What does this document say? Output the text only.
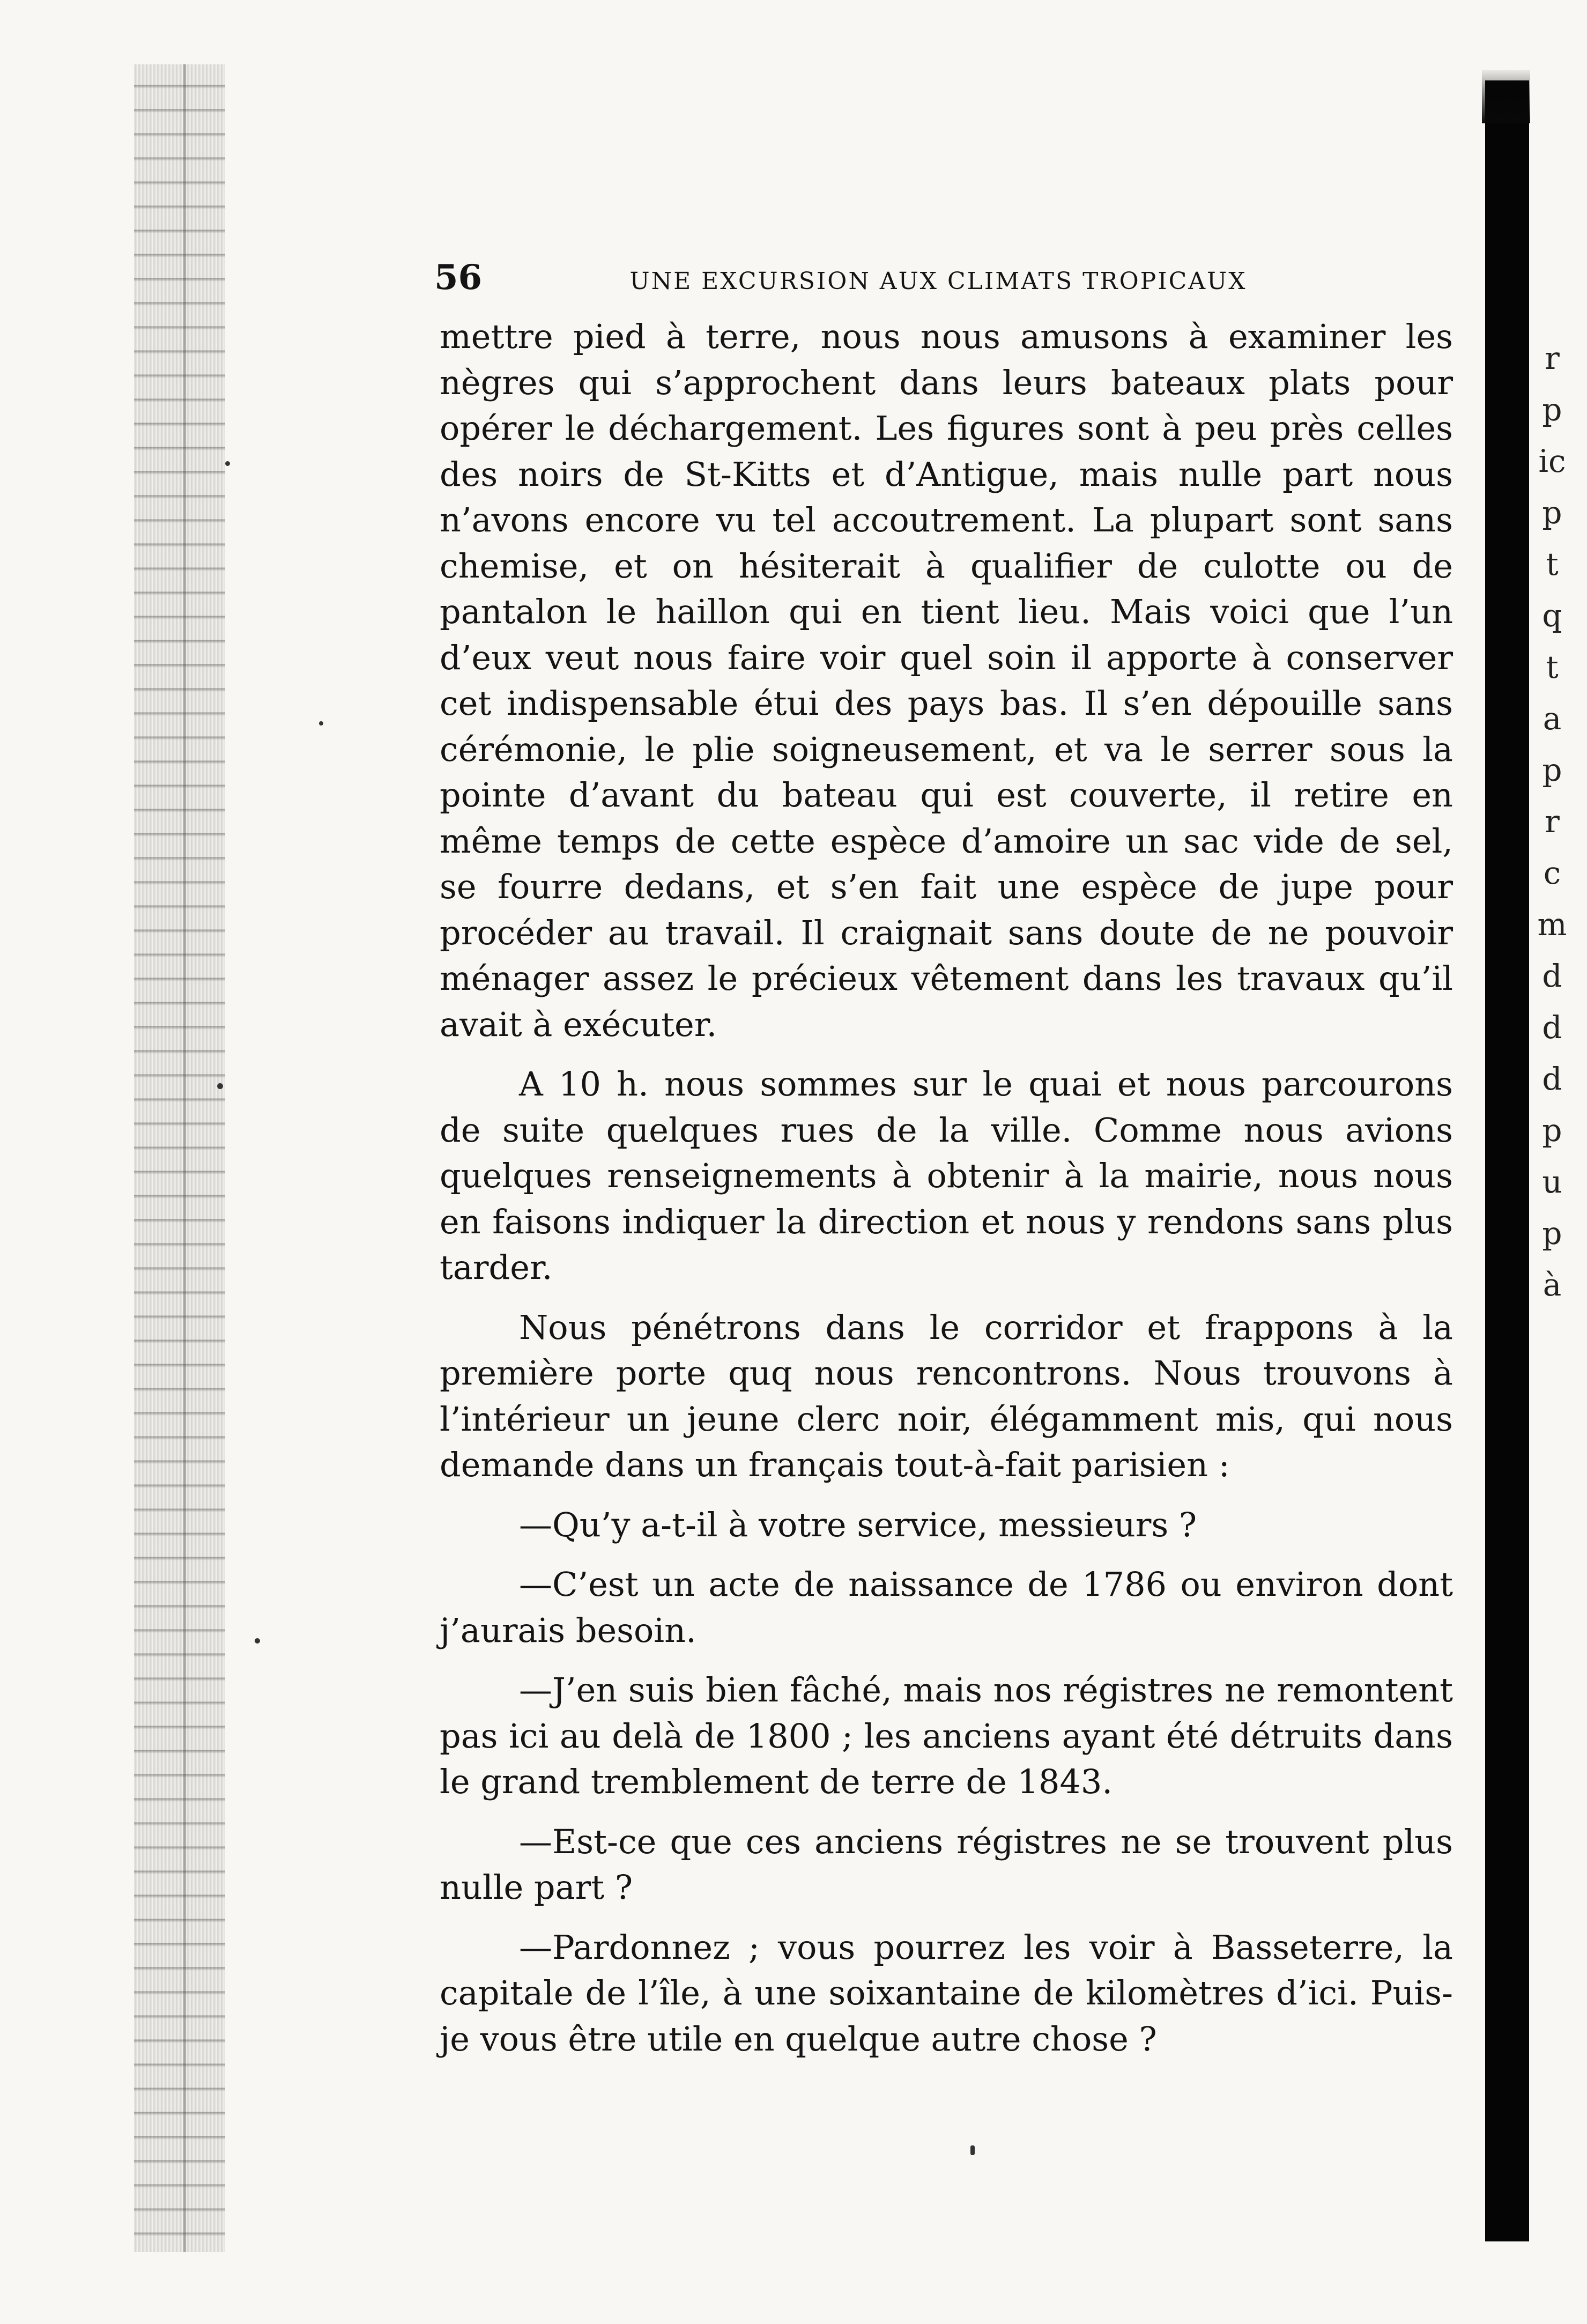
r
p
ic
p
t
q
t
a
p
r
c
m
d
d
d
p
u
p
à
56	UNE EXCURSION AUX CLIMATS TROPICAUX

mettre pied à terre, nous nous amusons à examiner les nègres qui s’approchent dans leurs bateaux plats pour opérer le déchargement. Les figures sont à peu près celles des noirs de St-Kitts et d’Antigue, mais nulle part nous n’avons encore vu tel accoutrement. La plupart sont sans chemise, et on hésiterait à qualifier de culotte ou de pantalon le haillon qui en tient lieu. Mais voici que l’un d’eux veut nous faire voir quel soin il apporte à conserver cet indispensable étui des pays bas. Il s’en dépouille sans cérémonie, le plie soigneusement, et va le serrer sous la pointe d’avant du bateau qui est couverte, il retire en même temps de cette espèce d’amoire un sac vide de sel, se fourre dedans, et s’en fait une espèce de jupe pour procéder au travail. Il craignait sans doute de ne pouvoir ménager assez le précieux vêtement dans les travaux qu’il avait à exécuter.

A 10 h. nous sommes sur le quai et nous parcourons de suite quelques rues de la ville. Comme nous avions quelques renseignements à obtenir à la mairie, nous nous en faisons indiquer la direction et nous y rendons sans plus tarder.

Nous pénétrons dans le corridor et frappons à la première porte quq nous rencontrons. Nous trouvons à l’intérieur un jeune clerc noir, élégamment mis, qui nous demande dans un français tout-à-fait parisien :

—Qu’y a-t-il à votre service, messieurs ?

—C’est un acte de naissance de 1786 ou environ dont j’aurais besoin.

—J’en suis bien fâché, mais nos régistres ne remontent pas ici au delà de 1800 ; les anciens ayant été détruits dans le grand tremblement de terre de 1843.

—Est-ce que ces anciens régistres ne se trouvent plus nulle part ?

—Pardonnez ; vous pourrez les voir à Basseterre, la capitale de l’île, à une soixantaine de kilomètres d’ici. Puis-je vous être utile en quelque autre chose ?
